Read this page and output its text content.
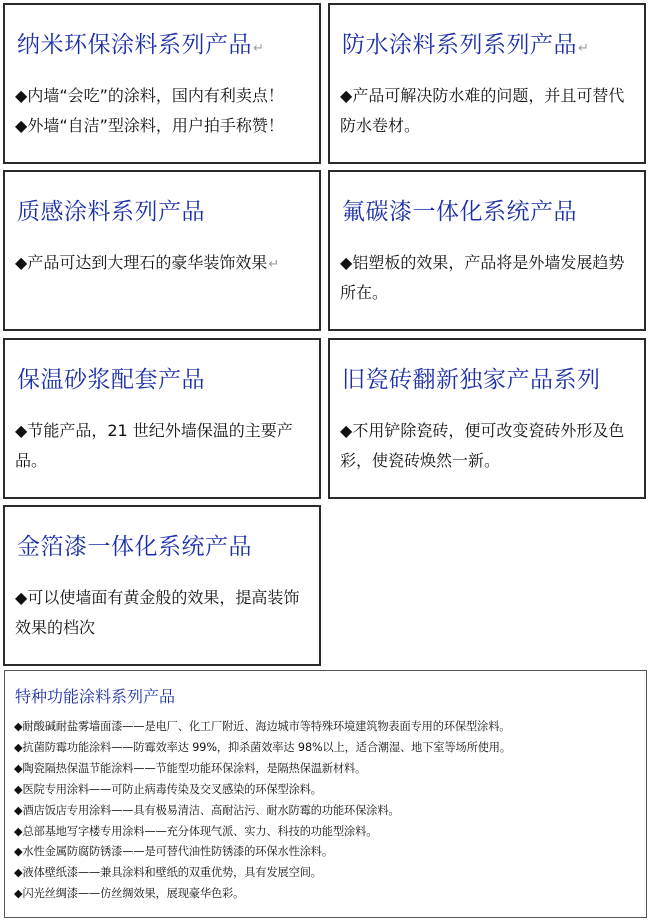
纳米环保涂料系列产品↵
◆内墙“会吃”的涂料，国内有利卖点！
◆外墙“自洁”型涂料，用户拍手称赞！
防水涂料系列系列产品↵
◆产品可解决防水难的问题，并且可替代防水卷材。
质感涂料系列产品
◆产品可达到大理石的豪华装饰效果↵
氟碳漆一体化系统产品
◆铝塑板的效果，产品将是外墙发展趋势所在。
保温砂浆配套产品
◆节能产品，21 世纪外墙保温的主要产品。
旧瓷砖翻新独家产品系列
◆不用铲除瓷砖，便可改变瓷砖外形及色彩，使瓷砖焕然一新。
金箔漆一体化系统产品
◆可以使墙面有黄金般的效果，提高装饰效果的档次
特种功能涂料系列产品
◆耐酸碱耐盐雾墙面漆——是电厂、化工厂附近、海边城市等特殊环境建筑物表面专用的环保型涂料。
◆抗菌防霉功能涂料——防霉效率达 99%，抑杀菌效率达 98%以上，适合潮湿、地下室等场所使用。
◆陶瓷隔热保温节能涂料——节能型功能环保涂料，是隔热保温新材料。
◆医院专用涂料——可防止病毒传染及交叉感染的环保型涂料。
◆酒店饭店专用涂料——具有极易清洁、高耐沾污、耐水防霉的功能环保涂料。
◆总部基地写字楼专用涂料——充分体现气派、实力、科技的功能型涂料。
◆水性金属防腐防锈漆——是可替代油性防锈漆的环保水性涂料。
◆液体壁纸漆——兼具涂料和壁纸的双重优势，具有发展空间。
◆闪光丝绸漆——仿丝绸效果，展现豪华色彩。
